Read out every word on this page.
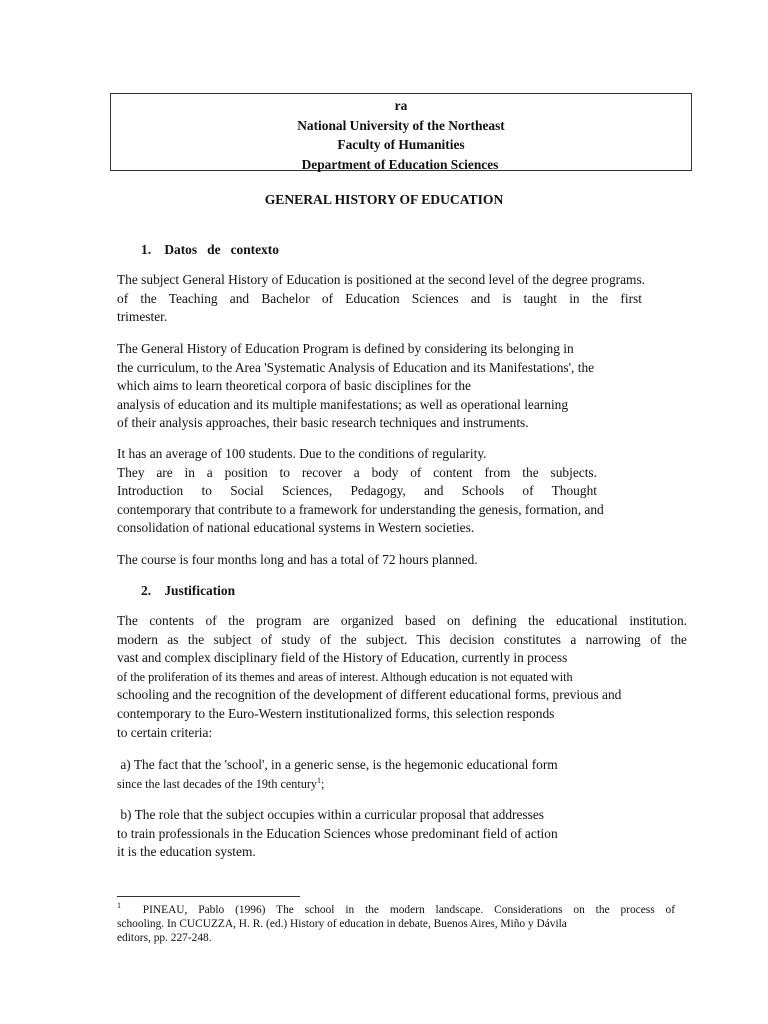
ra
National University of the Northeast
Faculty of Humanities
Department of Education Sciences
GENERAL HISTORY OF EDUCATION
1. Datos   de   contexto
The subject General History of Education is positioned at the second level of the degree programs.
of the Teaching and Bachelor of Education Sciences and is taught in the first
trimester.
The General History of Education Program is defined by considering its belonging in
the curriculum, to the Area 'Systematic Analysis of Education and its Manifestations', the
which aims to learn theoretical corpora of basic disciplines for the
analysis of education and its multiple manifestations; as well as operational learning
of their analysis approaches, their basic research techniques and instruments.
It has an average of 100 students. Due to the conditions of regularity.
They are in a position to recover a body of content from the subjects.
Introduction to Social Sciences, Pedagogy, and Schools of Thought
contemporary that contribute to a framework for understanding the genesis, formation, and
consolidation of national educational systems in Western societies.
The course is four months long and has a total of 72 hours planned.
2. Justification
The contents of the program are organized based on defining the educational institution.
modern as the subject of study of the subject. This decision constitutes a narrowing of the
vast and complex disciplinary field of the History of Education, currently in process
of the proliferation of its themes and areas of interest. Although education is not equated with
schooling and the recognition of the development of different educational forms, previous and
contemporary to the Euro-Western institutionalized forms, this selection responds
to certain criteria:
a) The fact that the 'school', in a generic sense, is the hegemonic educational form
since the last decades of the 19th century$^1$;
b) The role that the subject occupies within a curricular proposal that addresses
to train professionals in the Education Sciences whose predominant field of action
it is the education system.
$^1$ PINEAU, Pablo (1996) The school in the modern landscape. Considerations on the process of
schooling. In CUCUZZA, H. R. (ed.) History of education in debate, Buenos Aires, Miño y Dávila
editors, pp. 227-248.
